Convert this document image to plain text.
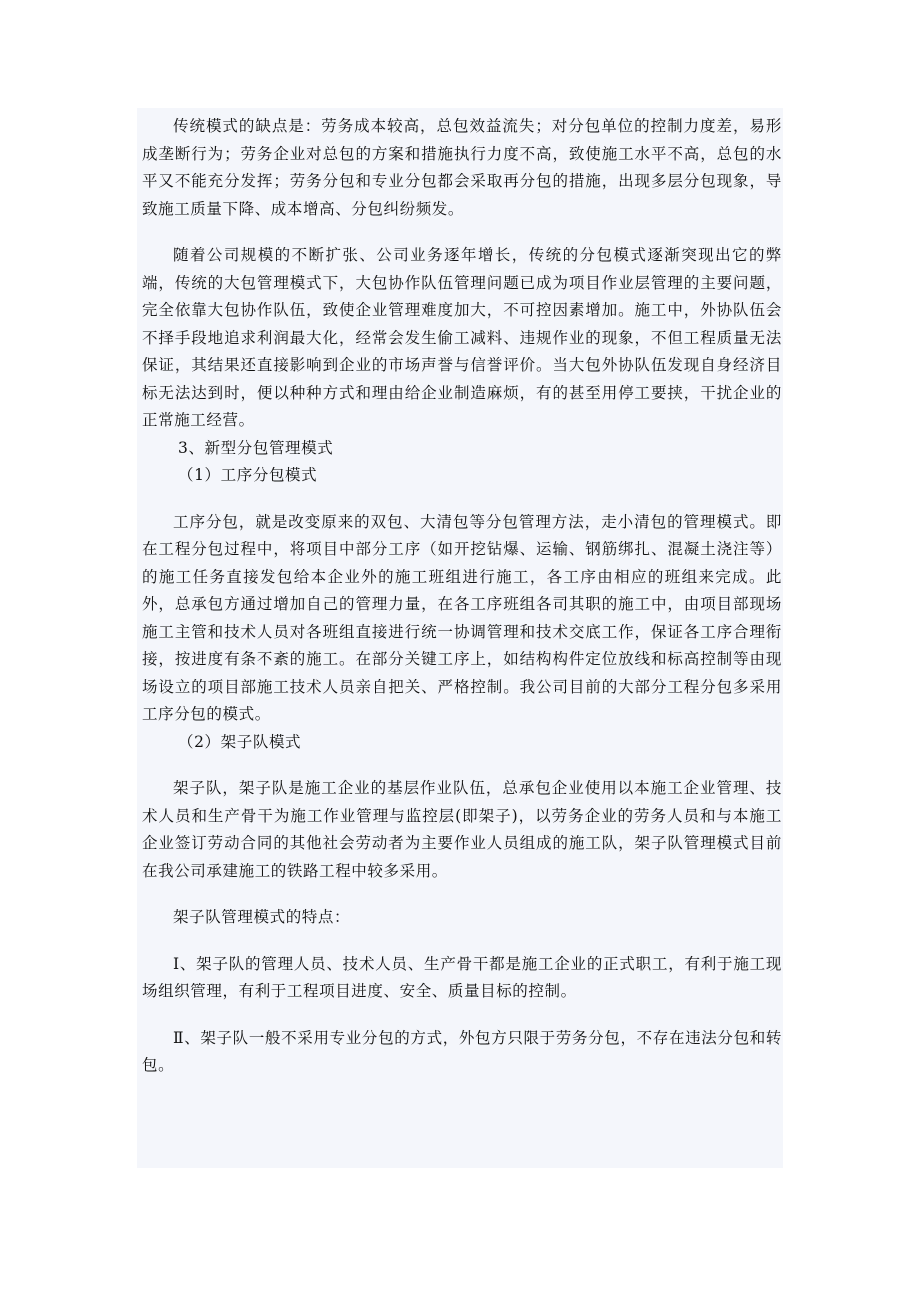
传统模式的缺点是：劳务成本较高，总包效益流失；对分包单位的控制力度差，易形成垄断行为；劳务企业对总包的方案和措施执行力度不高，致使施工水平不高，总包的水平又不能充分发挥；劳务分包和专业分包都会采取再分包的措施，出现多层分包现象，导致施工质量下降、成本增高、分包纠纷频发。

随着公司规模的不断扩张、公司业务逐年增长，传统的分包模式逐渐突现出它的弊端，传统的大包管理模式下，大包协作队伍管理问题已成为项目作业层管理的主要问题，完全依靠大包协作队伍，致使企业管理难度加大，不可控因素增加。施工中，外协队伍会不择手段地追求利润最大化，经常会发生偷工减料、违规作业的现象，不但工程质量无法保证，其结果还直接影响到企业的市场声誉与信誉评价。当大包外协队伍发现自身经济目标无法达到时，便以种种方式和理由给企业制造麻烦，有的甚至用停工要挟，干扰企业的正常施工经营。

3、新型分包管理模式

（1）工序分包模式

工序分包，就是改变原来的双包、大清包等分包管理方法，走小清包的管理模式。即在工程分包过程中，将项目中部分工序（如开挖钻爆、运输、钢筋绑扎、混凝土浇注等）的施工任务直接发包给本企业外的施工班组进行施工，各工序由相应的班组来完成。此外，总承包方通过增加自己的管理力量，在各工序班组各司其职的施工中，由项目部现场施工主管和技术人员对各班组直接进行统一协调管理和技术交底工作，保证各工序合理衔接，按进度有条不紊的施工。在部分关键工序上，如结构构件定位放线和标高控制等由现场设立的项目部施工技术人员亲自把关、严格控制。我公司目前的大部分工程分包多采用工序分包的模式。

（2）架子队模式

架子队，架子队是施工企业的基层作业队伍，总承包企业使用以本施工企业管理、技术人员和生产骨干为施工作业管理与监控层(即架子)，以劳务企业的劳务人员和与本施工企业签订劳动合同的其他社会劳动者为主要作业人员组成的施工队，架子队管理模式目前在我公司承建施工的铁路工程中较多采用。

架子队管理模式的特点：

Ⅰ、架子队的管理人员、技术人员、生产骨干都是施工企业的正式职工，有利于施工现场组织管理，有利于工程项目进度、安全、质量目标的控制。

Ⅱ、架子队一般不采用专业分包的方式，外包方只限于劳务分包，不存在违法分包和转包。
